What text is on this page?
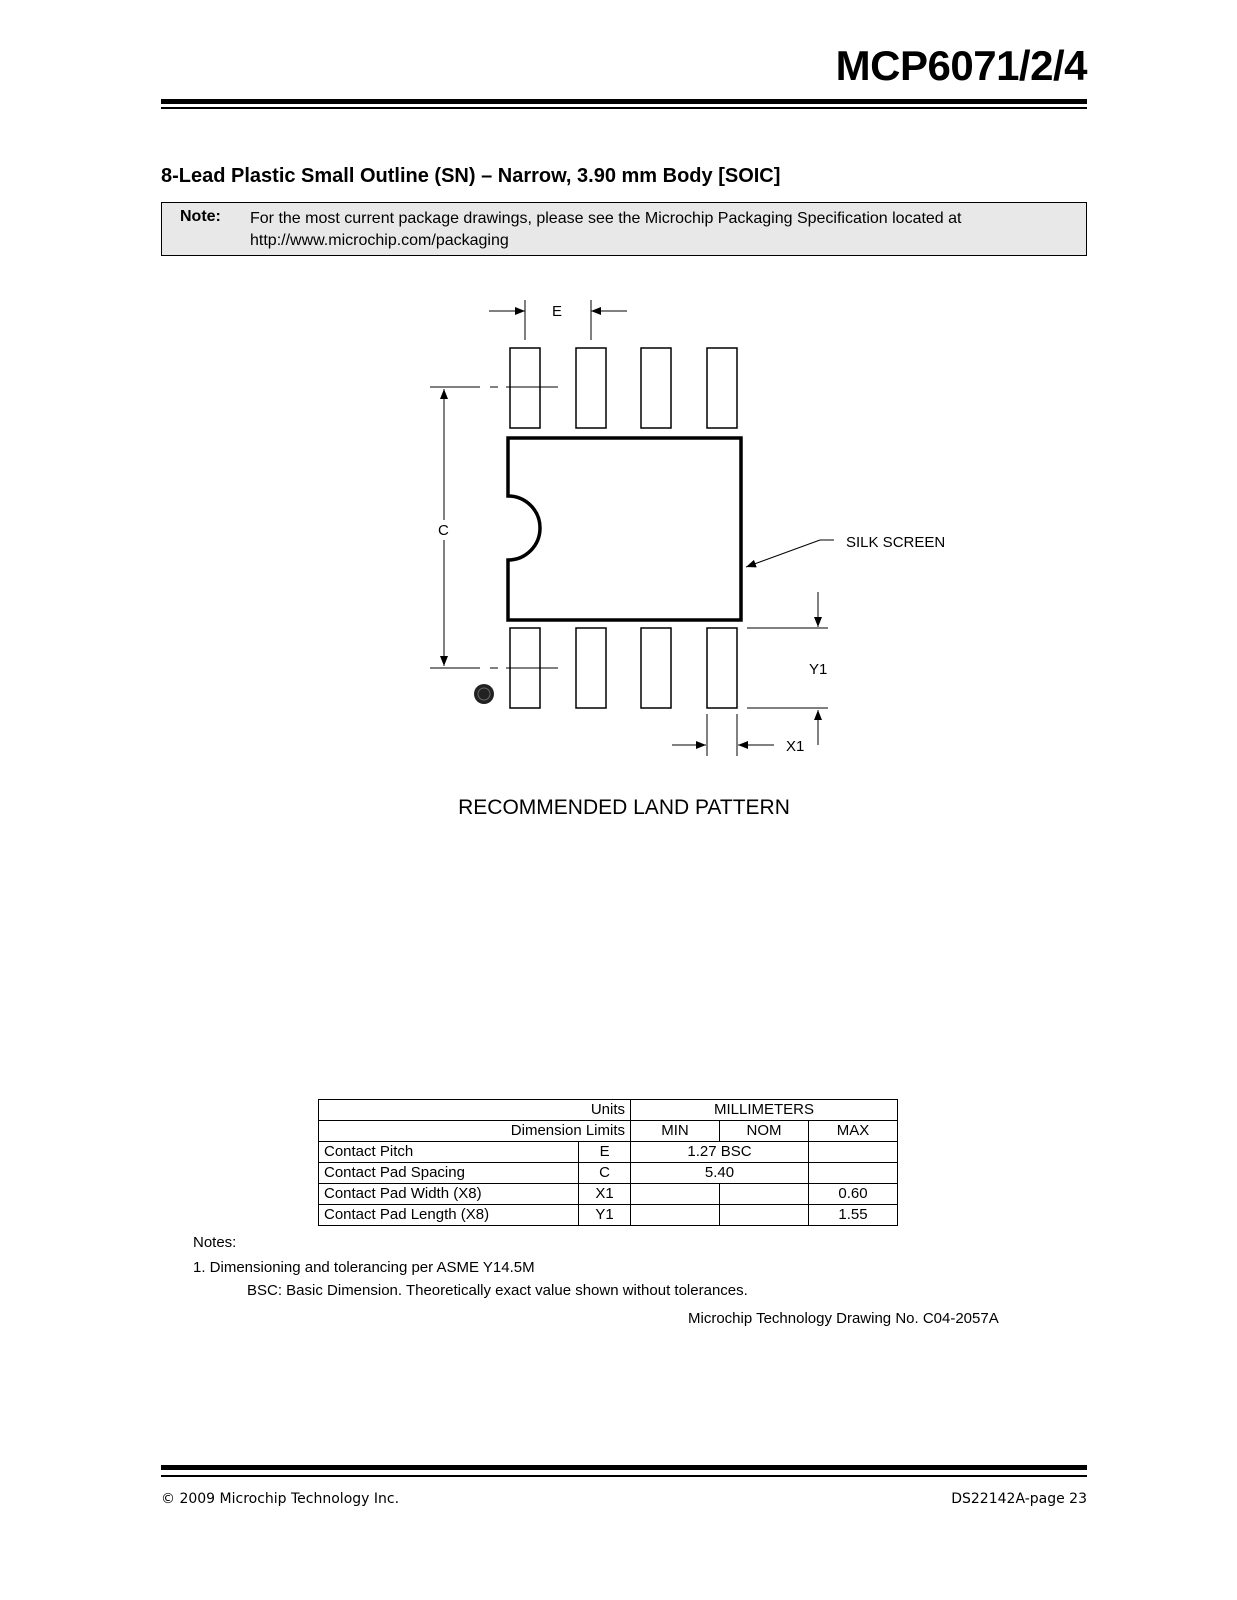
MCP6071/2/4
8-Lead Plastic Small Outline (SN) – Narrow, 3.90 mm Body [SOIC]
Note: For the most current package drawings, please see the Microchip Packaging Specification located at http://www.microchip.com/packaging
E
C
SILK SCREEN
Y1
X1
RECOMMENDED LAND PATTERN
Units		MILLIMETERS		
Dimension Limits		MIN	NOM	MAX
Contact Pitch	E	1.27 BSC		
Contact Pad Spacing	C	5.40		
Contact Pad Width (X8)	X1			0.60
Contact Pad Length (X8)	Y1			1.55
Notes:
1. Dimensioning and tolerancing per ASME Y14.5M
BSC: Basic Dimension. Theoretically exact value shown without tolerances.
Microchip Technology Drawing No. C04-2057A
© 2009 Microchip Technology Inc.	DS22142A-page 23
